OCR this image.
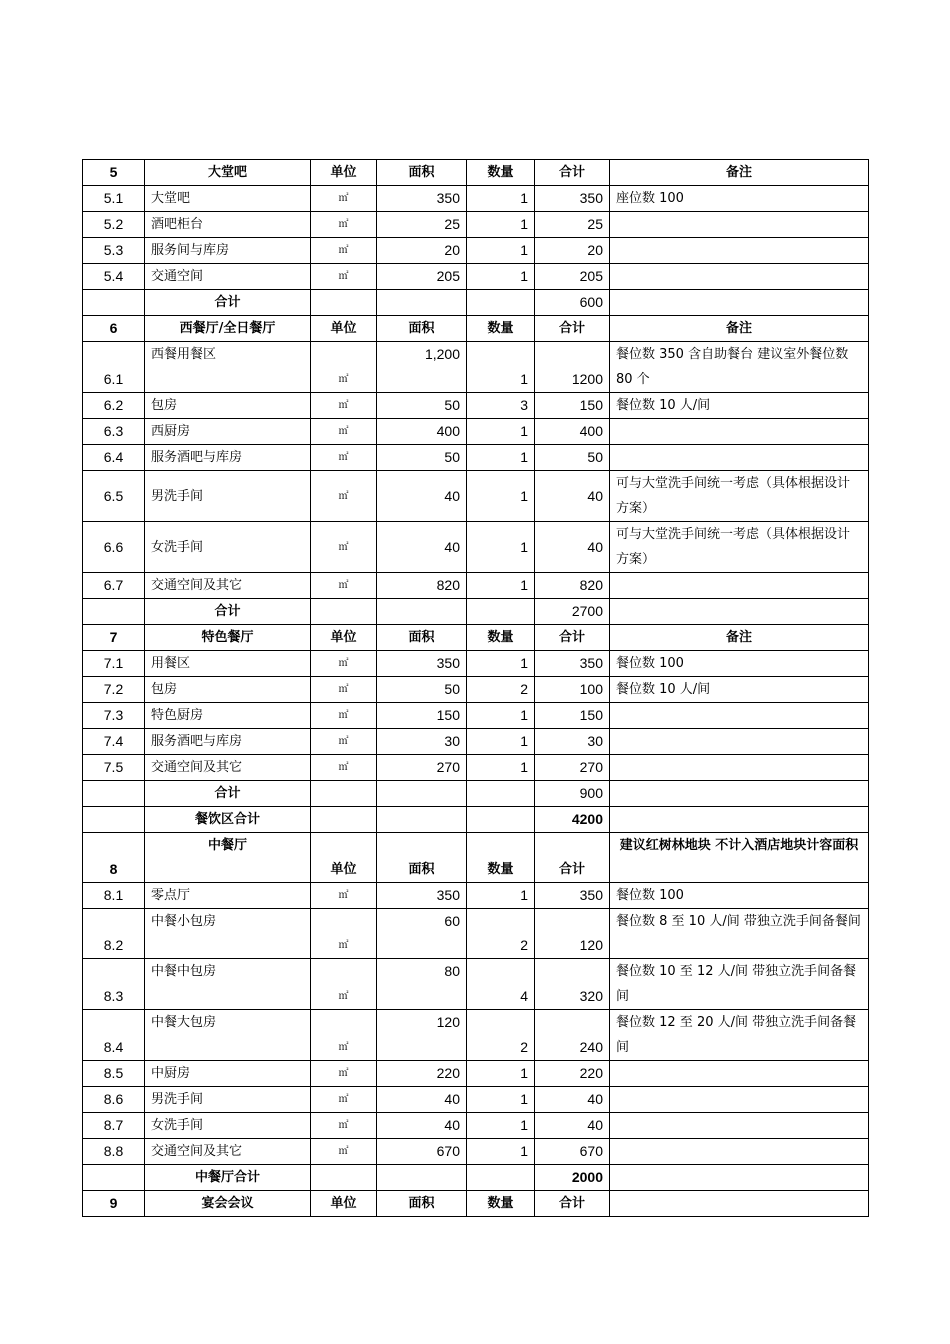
5	大堂吧	单位	面积	数量	合计	备注
5.1	大堂吧	㎡	350	1	350	座位数 100
5.2	酒吧柜台	㎡	25	1	25	
5.3	服务间与库房	㎡	20	1	20	
5.4	交通空间	㎡	205	1	205	
	合计				600	
6	西餐厅/全日餐厅	单位	面积	数量	合计	备注
6.1	西餐用餐区	㎡	1,200	1	1200	餐位数 350 含自助餐台 建议室外餐位数 80 个
6.2	包房	㎡	50	3	150	餐位数 10 人/间
6.3	西厨房	㎡	400	1	400	
6.4	服务酒吧与库房	㎡	50	1	50	
6.5	男洗手间	㎡	40	1	40	可与大堂洗手间统一考虑（具体根据设计方案）
6.6	女洗手间	㎡	40	1	40	可与大堂洗手间统一考虑（具体根据设计方案）
6.7	交通空间及其它	㎡	820	1	820	
	合计				2700	
7	特色餐厅	单位	面积	数量	合计	备注
7.1	用餐区	㎡	350	1	350	餐位数 100
7.2	包房	㎡	50	2	100	餐位数 10 人/间
7.3	特色厨房	㎡	150	1	150	
7.4	服务酒吧与库房	㎡	30	1	30	
7.5	交通空间及其它	㎡	270	1	270	
	合计				900	
	餐饮区合计				4200	
8	中餐厅	单位	面积	数量	合计	建议红树林地块 不计入酒店地块计容面积
8.1	零点厅	㎡	350	1	350	餐位数 100
8.2	中餐小包房	㎡	60	2	120	餐位数 8 至 10 人/间 带独立洗手间备餐间
8.3	中餐中包房	㎡	80	4	320	餐位数 10 至 12 人/间 带独立洗手间备餐间
8.4	中餐大包房	㎡	120	2	240	餐位数 12 至 20 人/间 带独立洗手间备餐间
8.5	中厨房	㎡	220	1	220	
8.6	男洗手间	㎡	40	1	40	
8.7	女洗手间	㎡	40	1	40	
8.8	交通空间及其它	㎡	670	1	670	
	中餐厅合计				2000	
9	宴会会议	单位	面积	数量	合计	
